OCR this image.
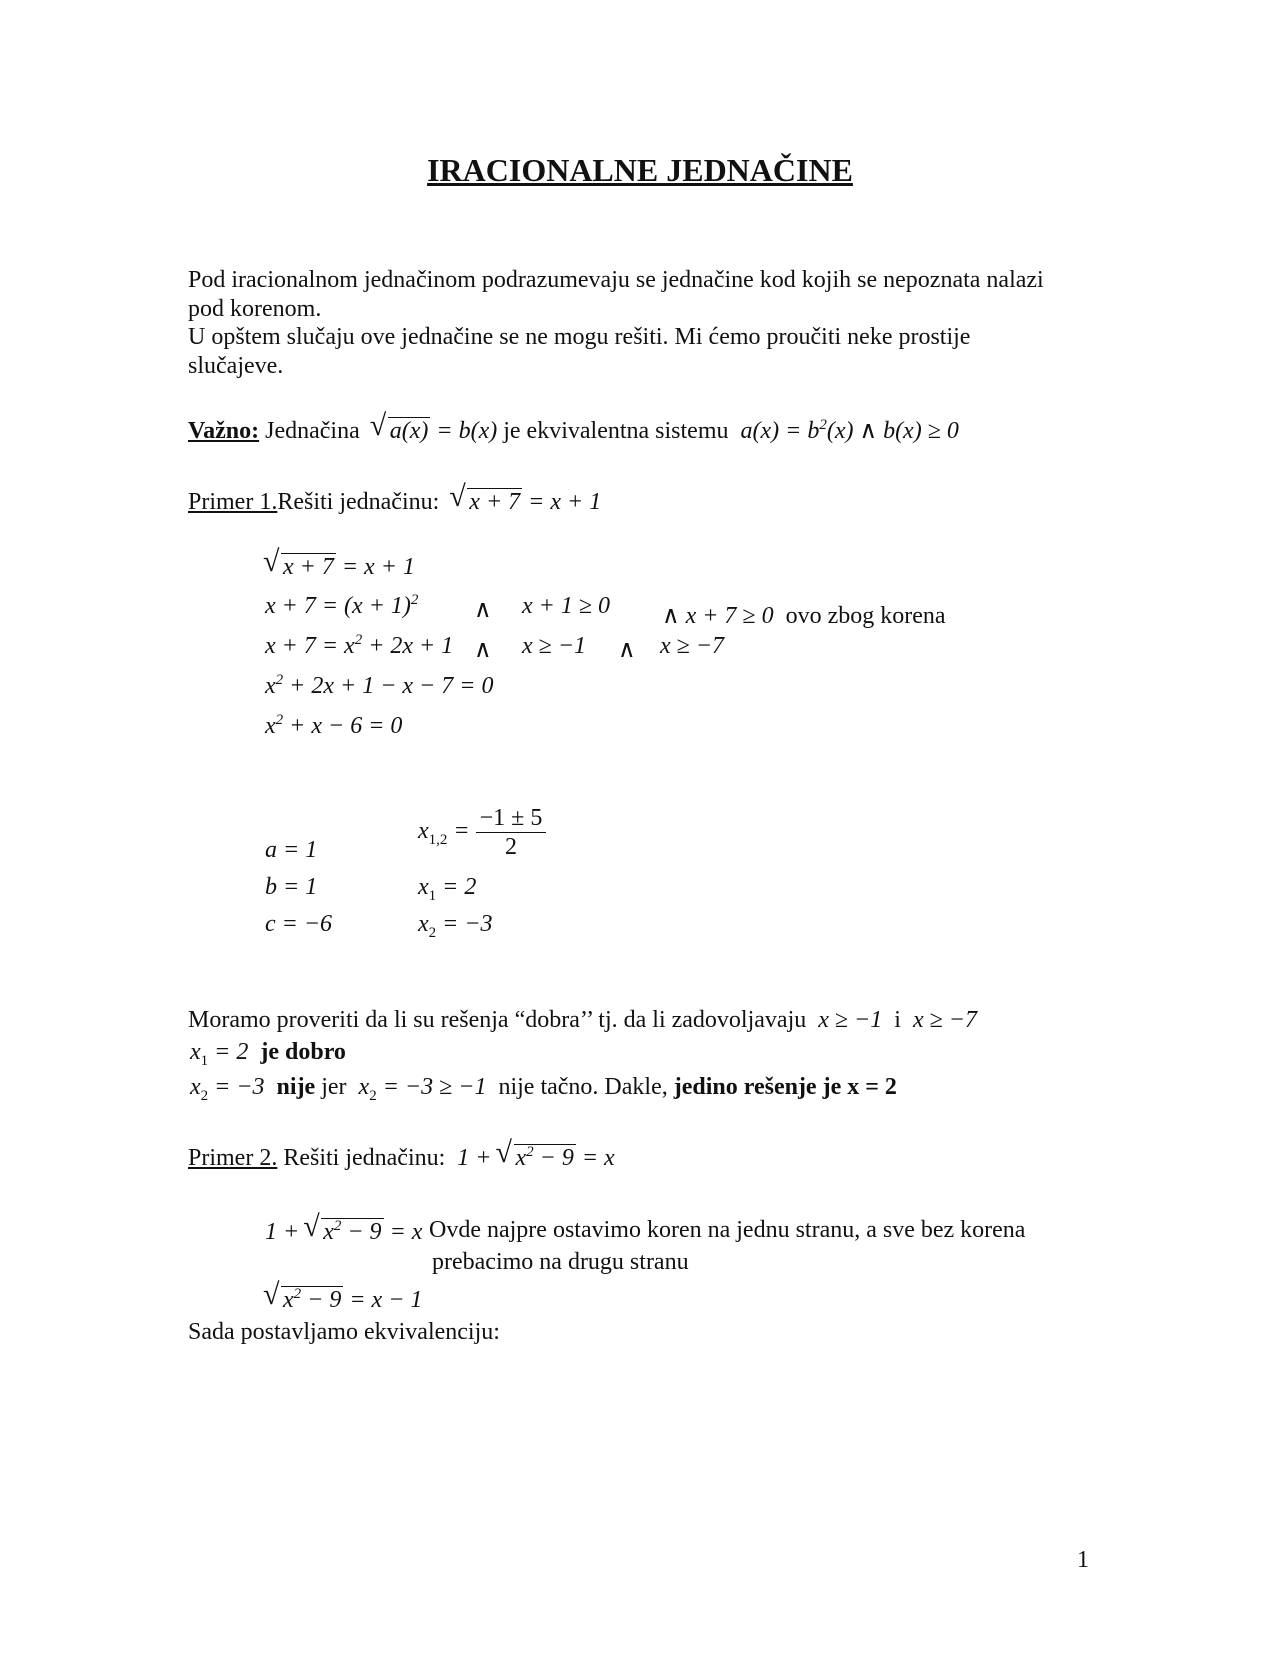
IRACIONALNE JEDNAČINE
Pod iracionalnom jednačinom podrazumevaju se jednačine kod kojih se nepoznata nalazi
pod korenom.
U opštem slučaju ove jednačine se ne mogu rešiti. Mi ćemo proučiti neke prostije
slučajeve.
Važno: Jednačina √ a(x) = b(x) je ekvivalentna sistemu  $a(x) = b^2(x)$ ∧ b(x) ≥ 0
Primer 1.Rešiti jednačinu: √ x + 7 = x + 1
√ x + 7 = x + 1
$x + 7 = (x + 1)^2$ ∧ x + 1 ≥ 0 ∧ x + 7 ≥ 0 ovo zbog korena
$x + 7 = x^2 + 2x + 1$ ∧ x ≥ −1 ∧ x ≥ −7
$x^2 + 2x + 1 - x - 7 = 0$
$x^2 + x - 6 = 0$
a = 1
b = 1
c = −6
$x_{1,2} = \frac{-1 \pm 5}{2}$
$x_1 = 2$
$x_2 = -3$
Moramo proveriti da li su rešenja “dobra’’ tj. da li zadovoljavaju x ≥ −1 i x ≥ −7
$x_1 = 2$ je dobro
$x_2 = -3$ nije jer $x_2 = -3 \ge -1$ nije tačno. Dakle, jedino rešenje je x = 2
Primer 2. Rešiti jednačinu:  1 +
√ $x^2 - 9 = x$
1 +
√ $x^2 - 9 = x$ Ovde najpre ostavimo koren na jednu stranu, a sve bez korena
prebacimo na drugu stranu
√ $x^2 - 9 = x - 1$
Sada postavljamo ekvivalenciju:
1
